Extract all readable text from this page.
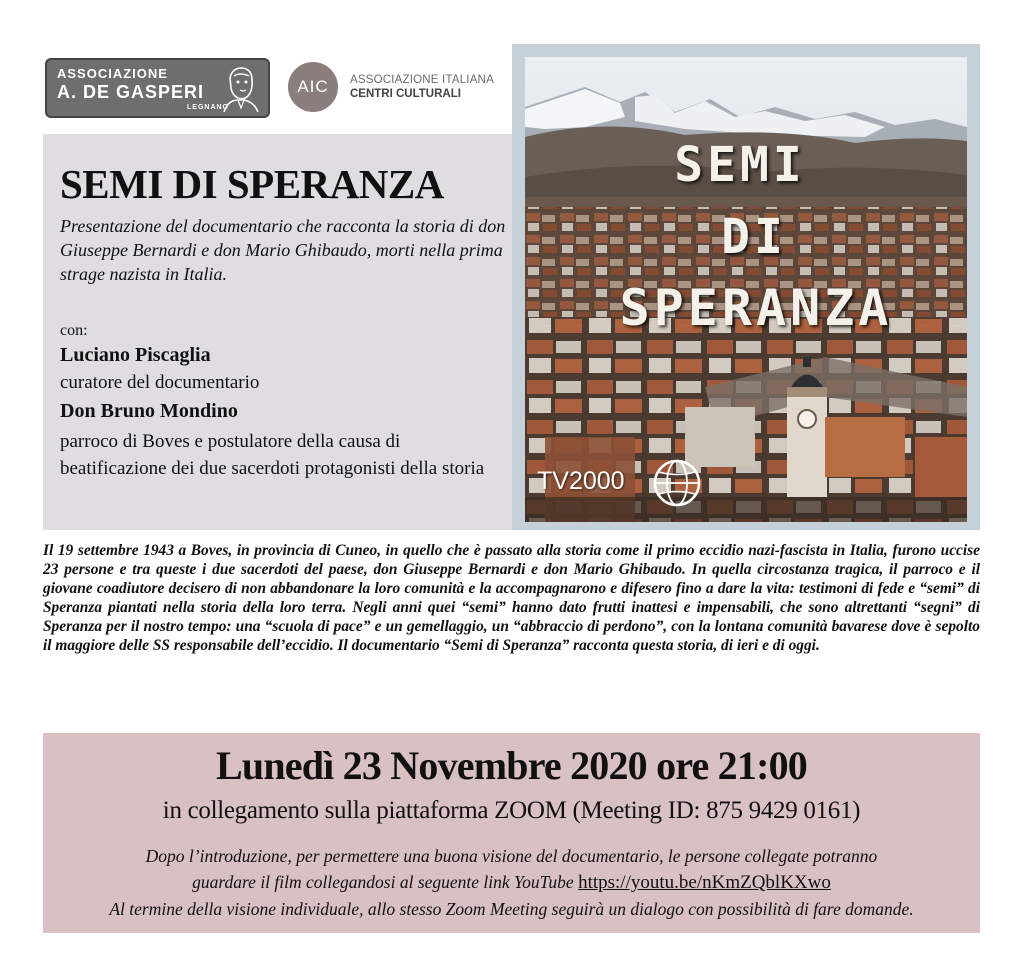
ASSOCIAZIONE
A. DE GASPERI
LEGNANO
AIC	ASSOCIAZIONE ITALIANA
CENTRI CULTURALI
SEMI DI SPERANZA
Presentazione del documentario che racconta la storia di don Giuseppe Bernardi e don Mario Ghibaudo, morti nella prima strage nazista in Italia.
con:
Luciano Piscaglia
curatore del documentario
Don Bruno Mondino
parroco di Boves e postulatore della causa di beatificazione dei due sacerdoti protagonisti della storia
SEMI
DI
SPERANZA
TV2000
Il 19 settembre 1943 a Boves, in provincia di Cuneo, in quello che è passato alla storia come il primo eccidio nazi-fascista in Italia, furono uccise 23 persone e tra queste i due sacerdoti del paese, don Giuseppe Bernardi e don Mario Ghibaudo. In quella circostanza tragica, il parroco e il giovane coadiutore decisero di non abbandonare la loro comunità e la accompagnarono e difesero fino a dare la vita: testimoni di fede e “semi” di Speranza piantati nella storia della loro terra. Negli anni quei “semi” hanno dato frutti inattesi e impensabili, che sono altrettanti “segni” di Speranza per il nostro tempo: una “scuola di pace” e un gemellaggio, un “abbraccio di perdono”, con la lontana comunità bavarese dove è sepolto il maggiore delle SS responsabile dell’eccidio. Il documentario “Semi di Speranza” racconta questa storia, di ieri e di oggi.
Lunedì 23 Novembre 2020 ore 21:00
in collegamento sulla piattaforma ZOOM (Meeting ID: 875 9429 0161)
Dopo l’introduzione, per permettere una buona visione del documentario, le persone collegate potranno
guardare il film collegandosi al seguente link YouTube https://youtu.be/nKmZQblKXwo
Al termine della visione individuale, allo stesso Zoom Meeting seguirà un dialogo con possibilità di fare domande.
